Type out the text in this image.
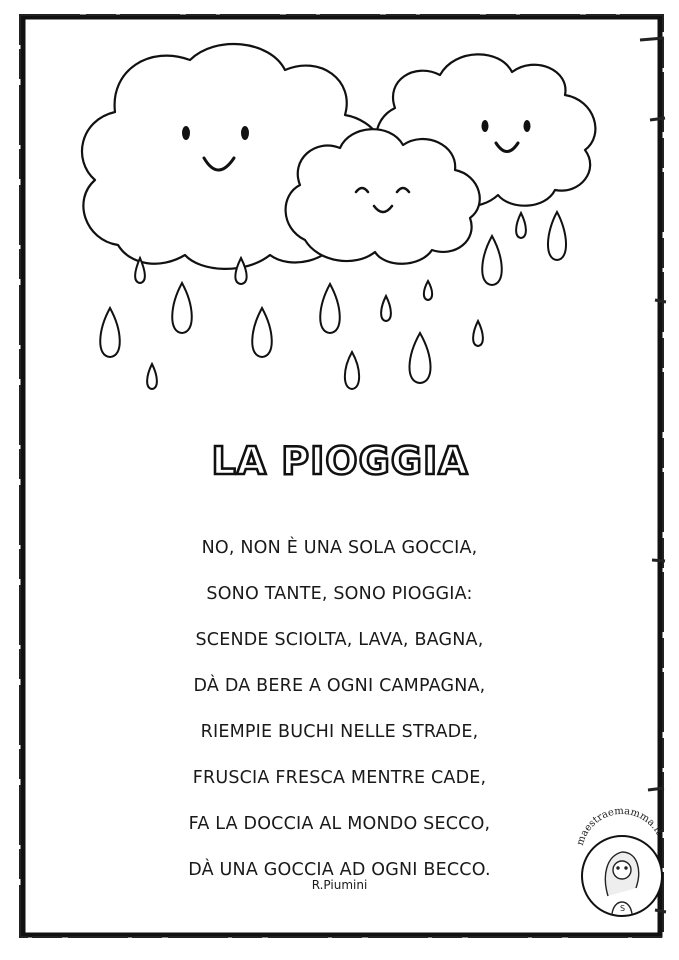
LA PIOGGIA
NO, NON È UNA SOLA GOCCIA,
SONO TANTE, SONO PIOGGIA:
SCENDE SCIOLTA, LAVA, BAGNA,
DÀ DA BERE A OGNI CAMPAGNA,
RIEMPIE BUCHI NELLE STRADE,
FRUSCIA FRESCA MENTRE CADE,
FA LA DOCCIA AL MONDO SECCO,
DÀ UNA GOCCIA AD OGNI BECCO.
R.Piumini
maestraemamma.it
S
